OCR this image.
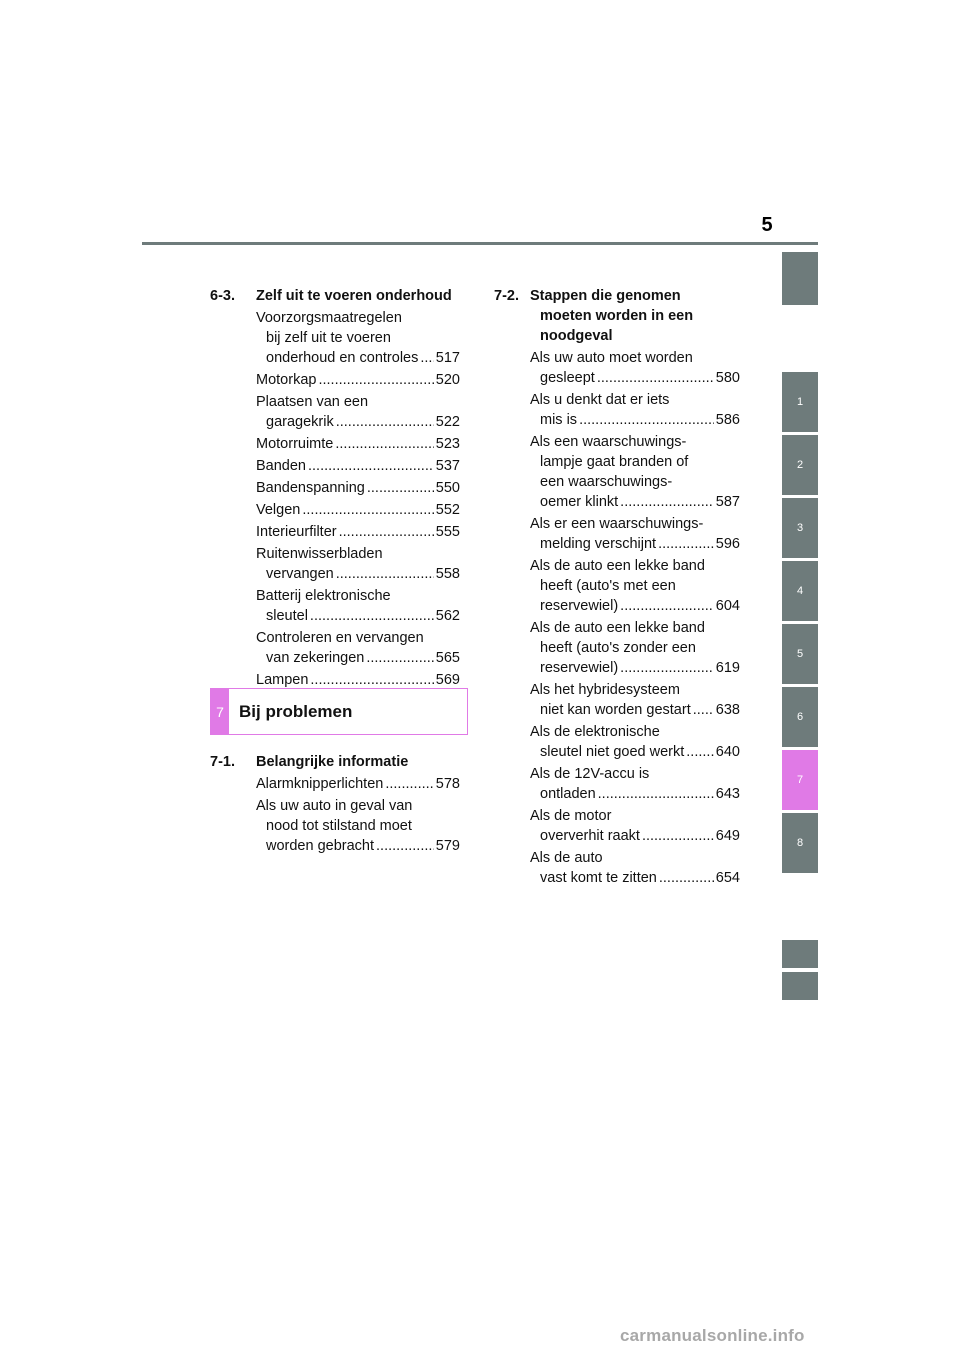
5
1
2
3
4
5
6
7
8
6-3.	Zelf uit te voeren onderhoud
Voorzorgsmaatregelen
bij zelf uit te voeren
onderhoud en controles ..... 517
Motorkap .....	520
Plaatsen van een
garagekrik .....	522
Motorruimte .....	523
Banden .....	537
Bandenspanning .....	550
Velgen .....	552
Interieurfilter .....	555
Ruitenwisserbladen
vervangen .....	558
Batterij elektronische
sleutel .....	562
Controleren en vervangen
van zekeringen .....	565
Lampen .....	569
7 Bij problemen
7-1.	Belangrijke informatie
Alarmknipperlichten .....	578
Als uw auto in geval van
nood tot stilstand moet
worden gebracht .....	579
7-2. Stappen die genomen
moeten worden in een
noodgeval
Als uw auto moet worden
gesleept .....	580
Als u denkt dat er iets
mis is .....	586
Als een waarschuwings-
lampje gaat branden of
een waarschuwings-
oemer klinkt .....	587
Als er een waarschuwings-
melding verschijnt .....	596
Als de auto een lekke band
heeft (auto's met een
reservewiel) .....	604
Als de auto een lekke band
heeft (auto's zonder een
reservewiel) .....	619
Als het hybridesysteem
niet kan worden gestart ..... 638
Als de elektronische
sleutel niet goed werkt ..... 640
Als de 12V-accu is
ontladen .....	643
Als de motor
oververhit raakt .....	649
Als de auto
vast komt te zitten .....	654
carmanualsonline.info
